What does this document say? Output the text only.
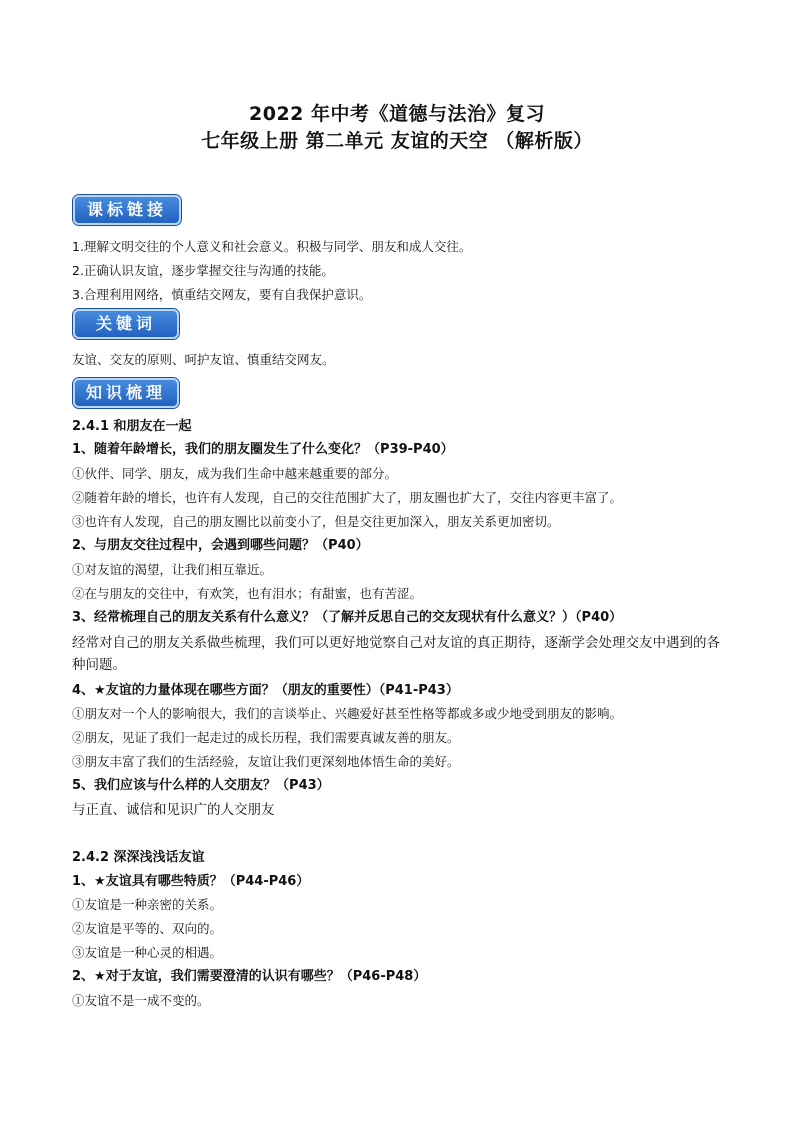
2022 年中考《道德与法治》复习
七年级上册 第二单元 友谊的天空 （解析版）
课标链接
1.理解文明交往的个人意义和社会意义。积极与同学、朋友和成人交往。
2.正确认识友谊，逐步掌握交往与沟通的技能。
3.合理利用网络，慎重结交网友，要有自我保护意识。
关键词
友谊、交友的原则、呵护友谊、慎重结交网友。
知识梳理
2.4.1 和朋友在一起
1、随着年龄增长，我们的朋友圈发生了什么变化？（P39-P40）
①伙伴、同学、朋友，成为我们生命中越来越重要的部分。
②随着年龄的增长，也许有人发现，自己的交往范围扩大了，朋友圈也扩大了，交往内容更丰富了。
③也许有人发现，自己的朋友圈比以前变小了，但是交往更加深入，朋友关系更加密切。
2、与朋友交往过程中，会遇到哪些问题？（P40）
①对友谊的渴望，让我们相互靠近。
②在与朋友的交往中，有欢笑，也有泪水；有甜蜜，也有苦涩。
3、经常梳理自己的朋友关系有什么意义？（了解并反思自己的交友现状有什么意义？）（P40）
经常对自己的朋友关系做些梳理，我们可以更好地觉察自己对友谊的真正期待，逐渐学会处理交友中遇到的各种问题。
4、★友谊的力量体现在哪些方面？（朋友的重要性）（P41-P43）
①朋友对一个人的影响很大，我们的言谈举止、兴趣爱好甚至性格等都或多或少地受到朋友的影响。
②朋友，见证了我们一起走过的成长历程，我们需要真诚友善的朋友。
③朋友丰富了我们的生活经验，友谊让我们更深刻地体悟生命的美好。
5、我们应该与什么样的人交朋友？（P43）
与正直、诚信和见识广的人交朋友
2.4.2 深深浅浅话友谊
1、★友谊具有哪些特质？（P44-P46）
①友谊是一种亲密的关系。
②友谊是平等的、双向的。
③友谊是一种心灵的相遇。
2、★对于友谊，我们需要澄清的认识有哪些？（P46-P48）
①友谊不是一成不变的。
